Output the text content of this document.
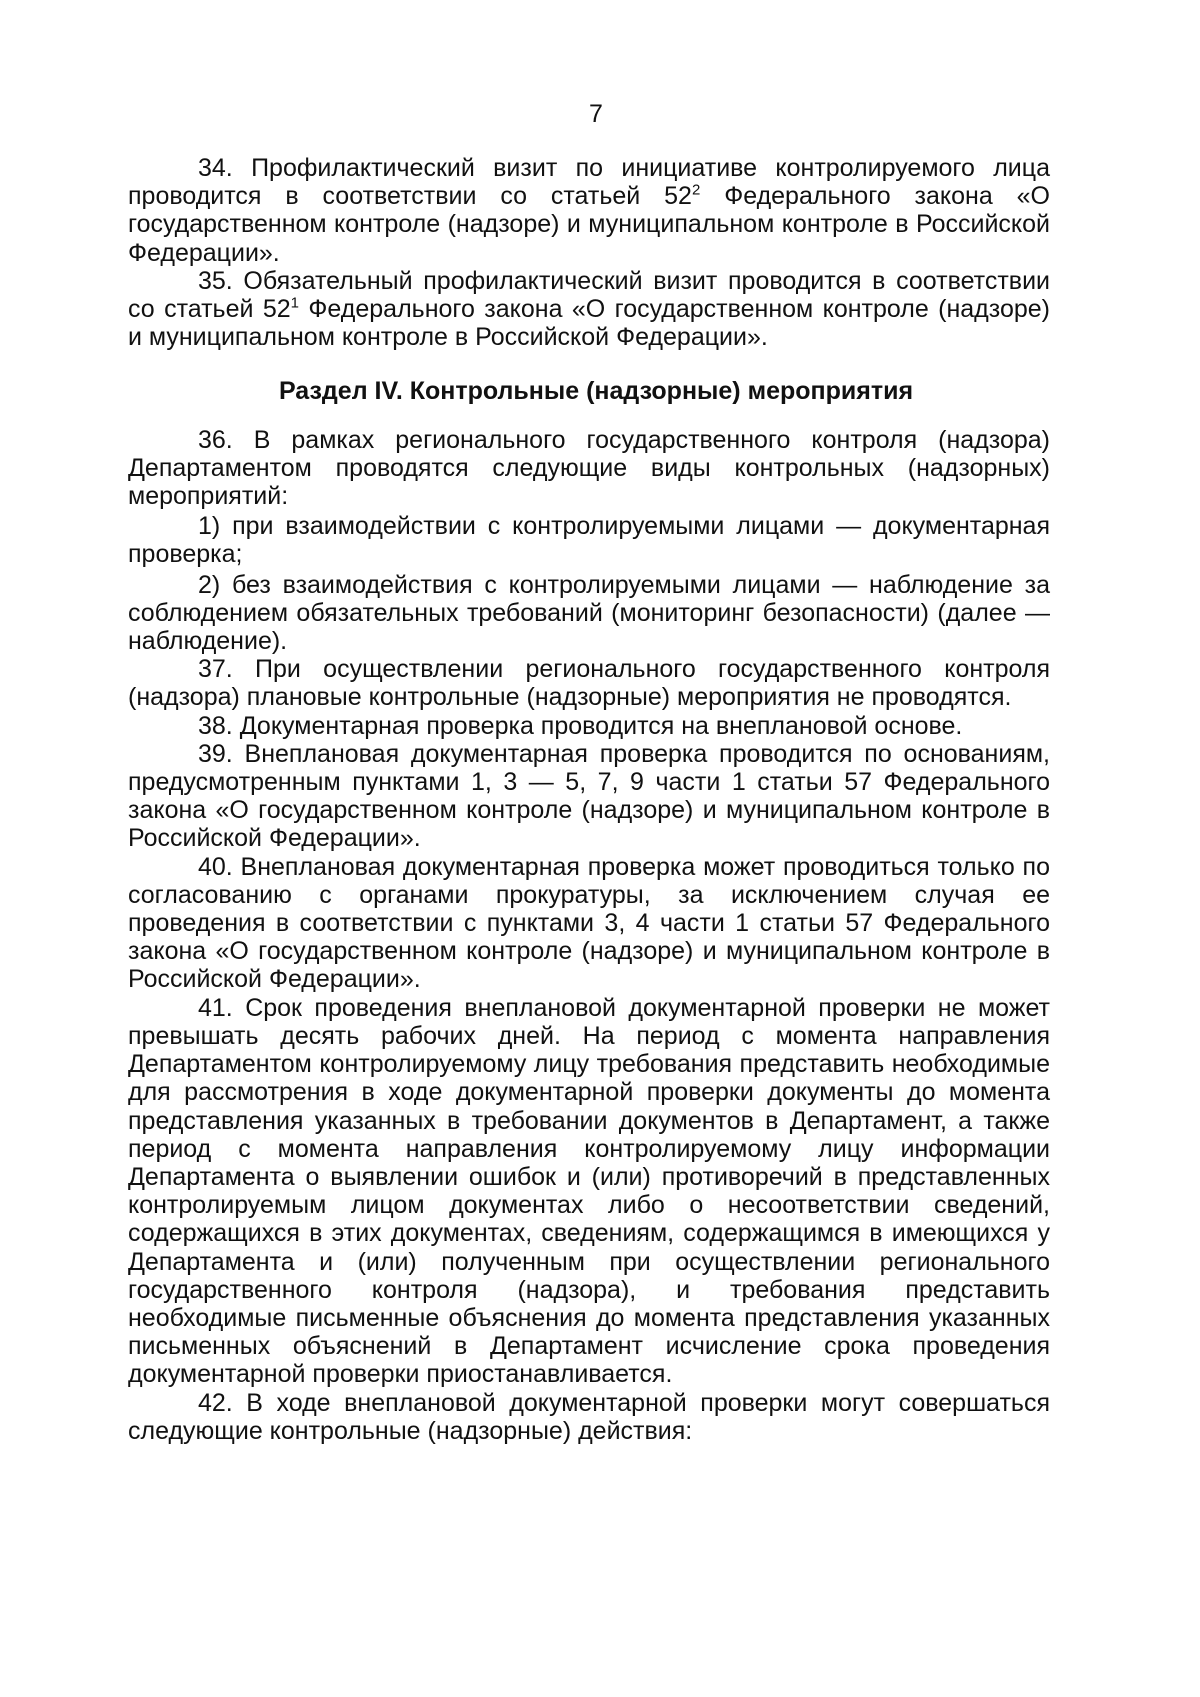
7

34. Профилактический визит по инициативе контролируемого лица проводится в соответствии со статьей $52^2$ Федерального закона «О государственном контроле (надзоре) и муниципальном контроле в Российской Федерации».

35. Обязательный профилактический визит проводится в соответствии со статьей $52^1$ Федерального закона «О государственном контроле (надзоре) и муниципальном контроле в Российской Федерации».

Раздел IV. Контрольные (надзорные) мероприятия

36. В рамках регионального государственного контроля (надзора) Департаментом проводятся следующие виды контрольных (надзорных) мероприятий:

1) при взаимодействии с контролируемыми лицами — документарная проверка;

2) без взаимодействия с контролируемыми лицами — наблюдение за соблюдением обязательных требований (мониторинг безопасности) (далее — наблюдение).

37. При осуществлении регионального государственного контроля (надзора) плановые контрольные (надзорные) мероприятия не проводятся.

38. Документарная проверка проводится на внеплановой основе.

39. Внеплановая документарная проверка проводится по основаниям, предусмотренным пунктами 1, 3 — 5, 7, 9 части 1 статьи 57 Федерального закона «О государственном контроле (надзоре) и муниципальном контроле в Российской Федерации».

40. Внеплановая документарная проверка может проводиться только по согласованию с органами прокуратуры, за исключением случая ее проведения в соответствии с пунктами 3, 4 части 1 статьи 57 Федерального закона «О государственном контроле (надзоре) и муниципальном контроле в Российской Федерации».

41. Срок проведения внеплановой документарной проверки не может превышать десять рабочих дней. На период с момента направления Департаментом контролируемому лицу требования представить необходимые для рассмотрения в ходе документарной проверки документы до момента представления указанных в требовании документов в Департамент, а также период с момента направления контролируемому лицу информации Департамента о выявлении ошибок и (или) противоречий в представленных контролируемым лицом документах либо о несоответствии сведений, содержащихся в этих документах, сведениям, содержащимся в имеющихся у Департамента и (или) полученным при осуществлении регионального государственного контроля (надзора), и требования представить необходимые письменные объяснения до момента представления указанных письменных объяснений в Департамент исчисление срока проведения документарной проверки приостанавливается.

42. В ходе внеплановой документарной проверки могут совершаться следующие контрольные (надзорные) действия:
